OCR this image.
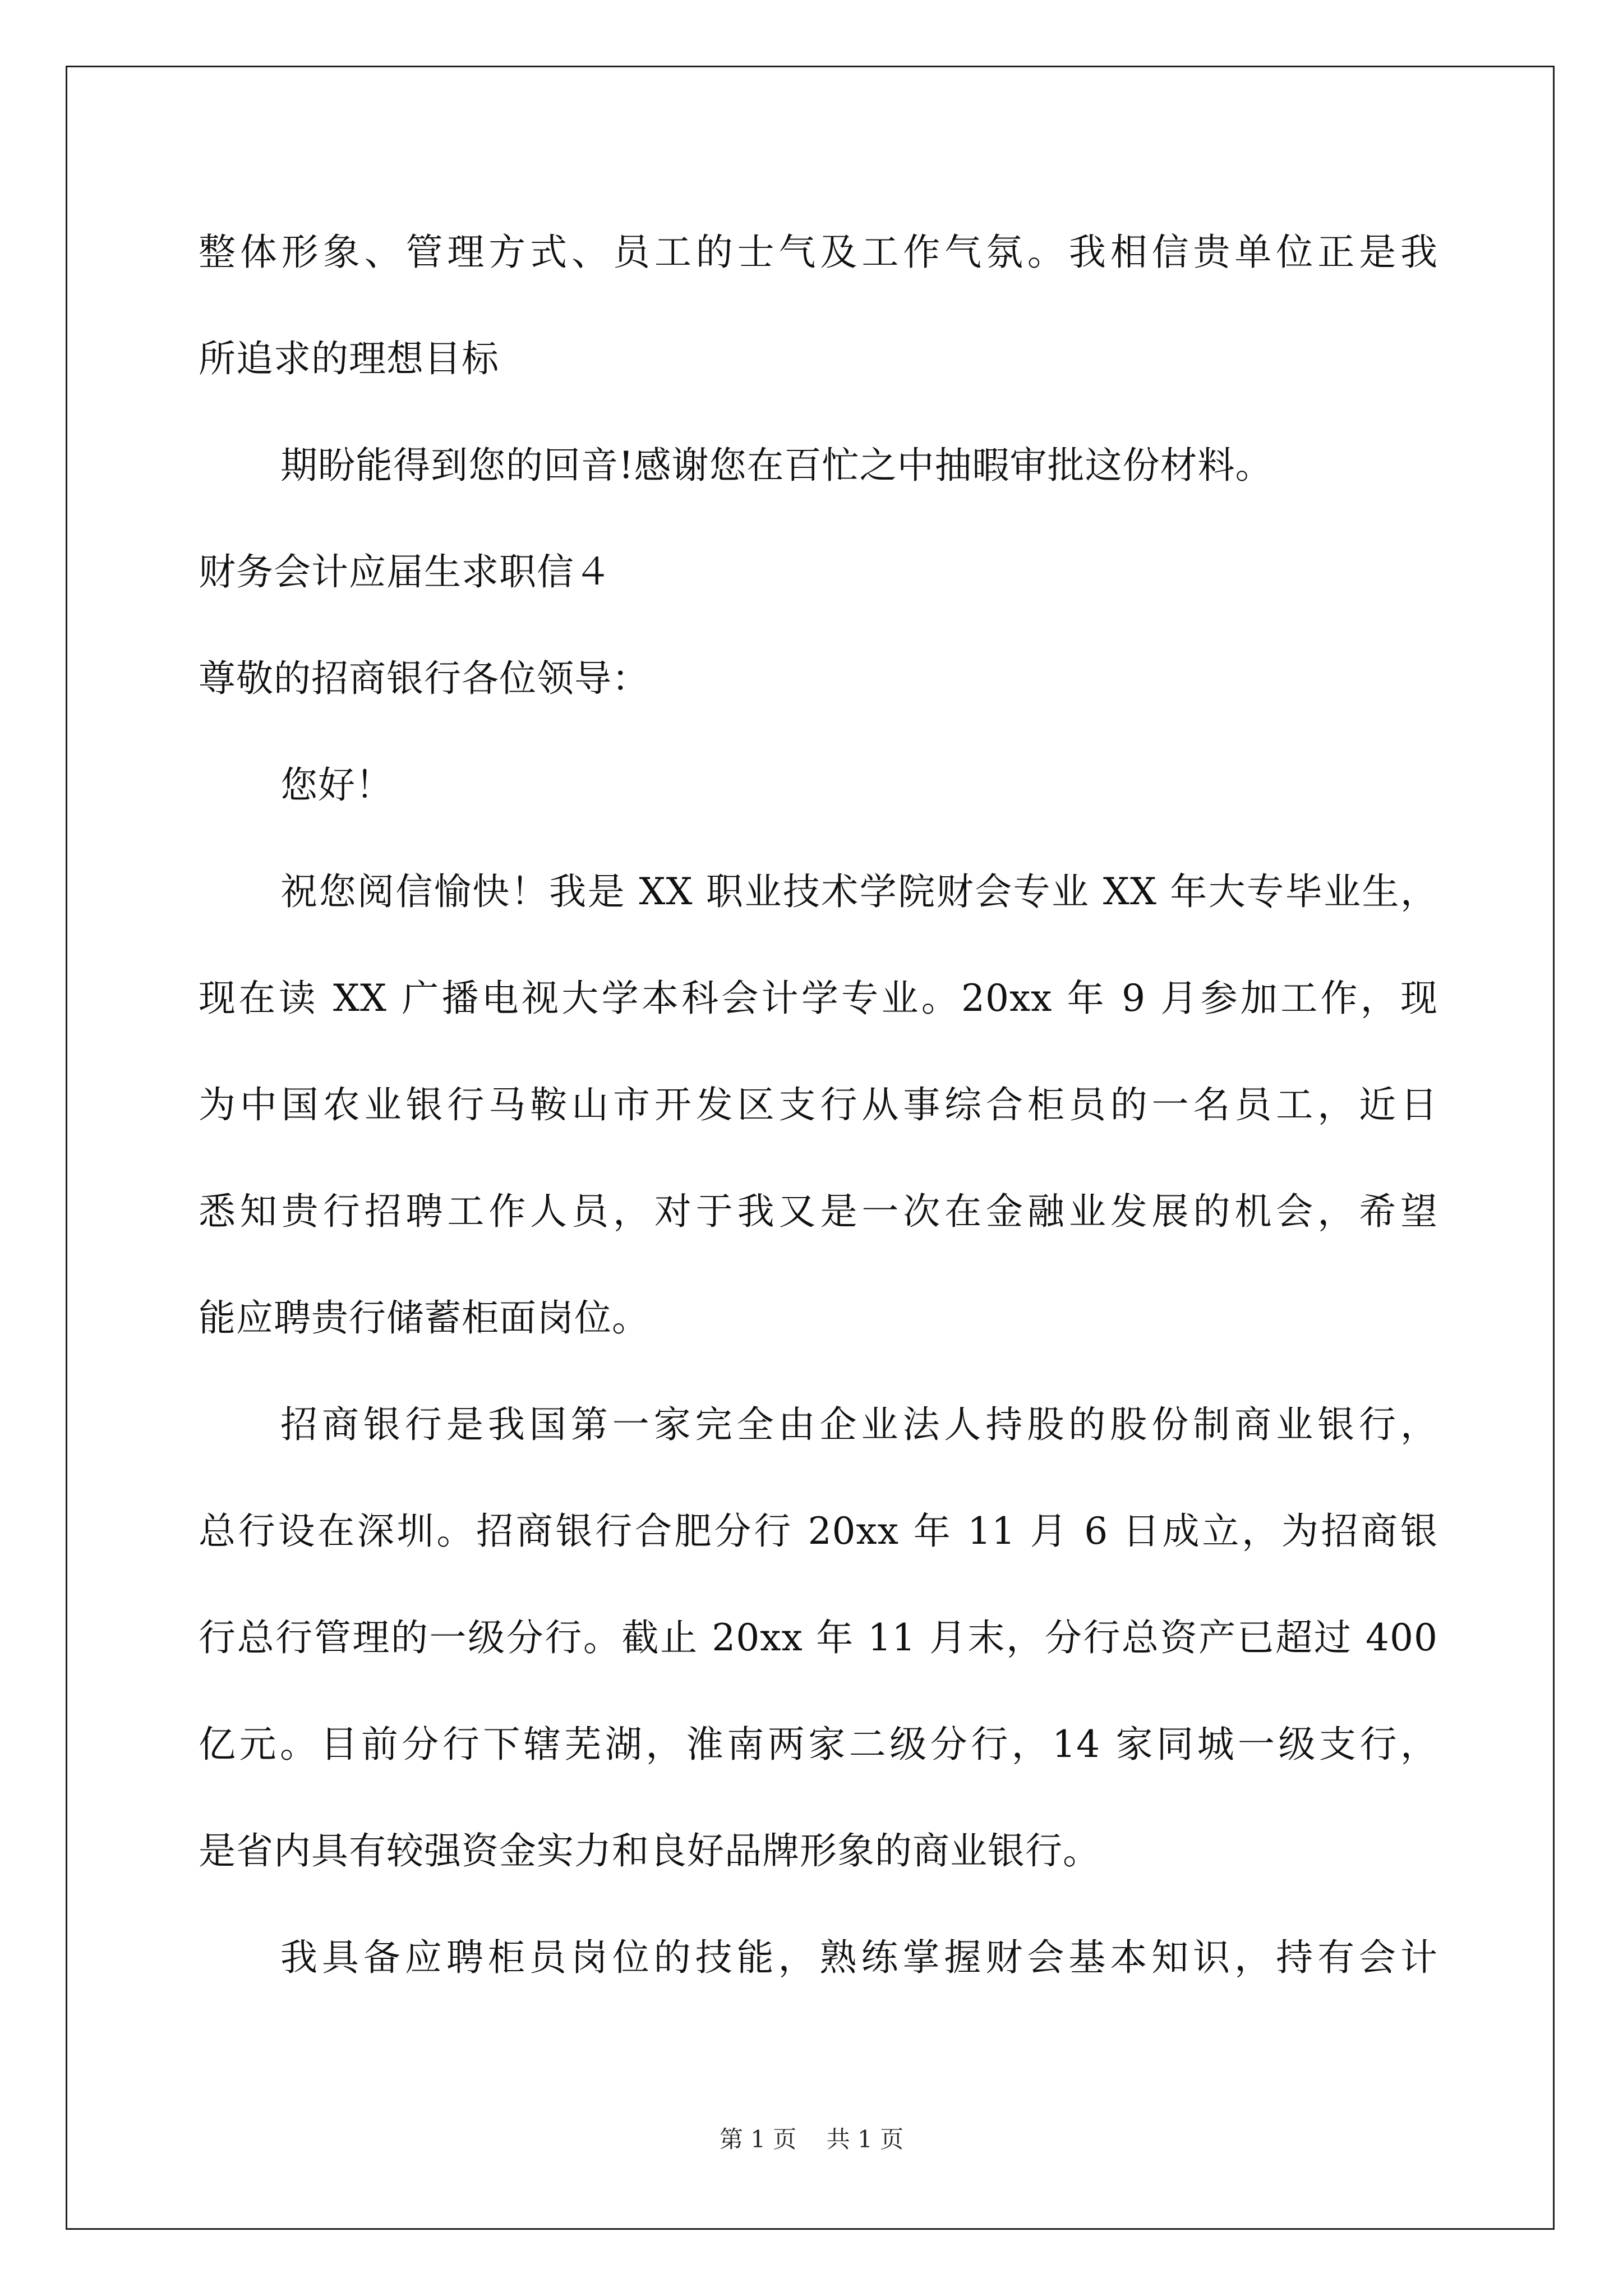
整体形象、管理方式、员工的士气及工作气氛。我相信贵单位正是我
所追求的理想目标
期盼能得到您的回音!感谢您在百忙之中抽暇审批这份材料。
财务会计应届生求职信４
尊敬的招商银行各位领导：
您好！
祝您阅信愉快！我是 XX 职业技术学院财会专业 XX 年大专毕业生，
现在读 XX 广播电视大学本科会计学专业。20xx 年 9 月参加工作，现
为中国农业银行马鞍山市开发区支行从事综合柜员的一名员工，近日
悉知贵行招聘工作人员，对于我又是一次在金融业发展的机会，希望
能应聘贵行储蓄柜面岗位。
招商银行是我国第一家完全由企业法人持股的股份制商业银行，
总行设在深圳。招商银行合肥分行 20xx 年 11 月 6 日成立，为招商银
行总行管理的一级分行。截止 20xx 年 11 月末，分行总资产已超过 400
亿元。目前分行下辖芜湖，淮南两家二级分行，14 家同城一级支行，
是省内具有较强资金实力和良好品牌形象的商业银行。
我具备应聘柜员岗位的技能，熟练掌握财会基本知识，持有会计
第 1 页 共 1 页
